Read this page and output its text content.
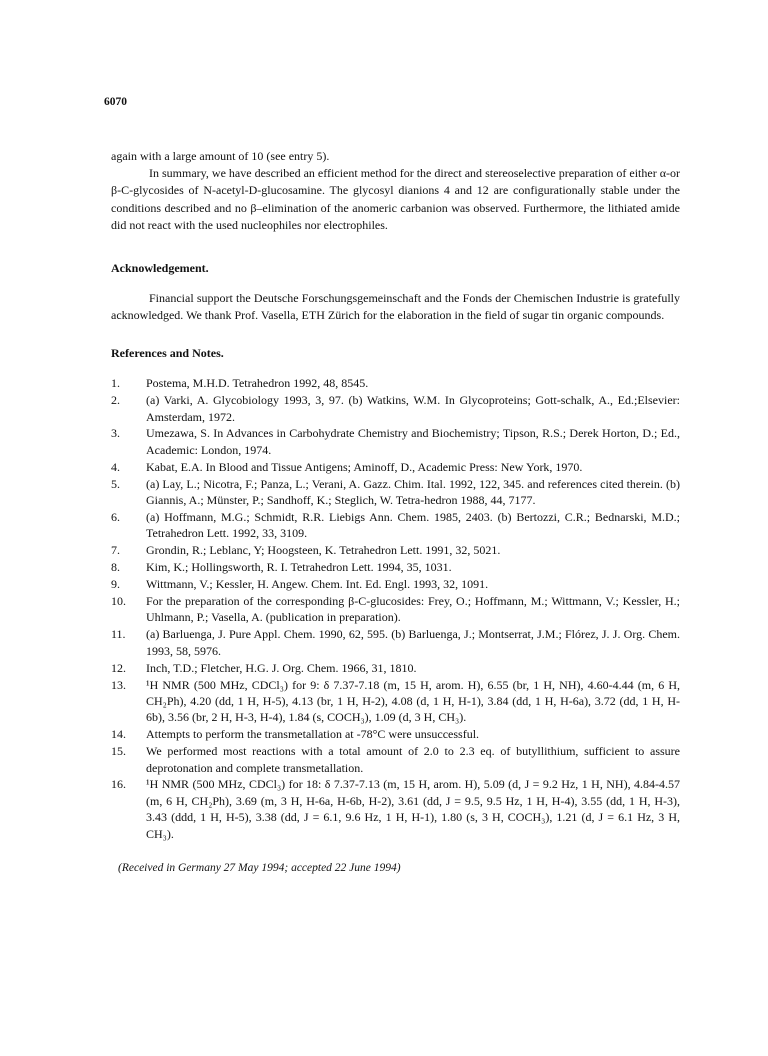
6070

again with a large amount of 10 (see entry 5).

In summary, we have described an efficient method for the direct and stereoselective preparation of either α-or β-C-glycosides of N-acetyl-D-glucosamine. The glycosyl dianions 4 and 12 are configurationally stable under the conditions described and no β–elimination of the anomeric carbanion was observed. Furthermore, the lithiated amide did not react with the used nucleophiles nor electrophiles.

Acknowledgement.

Financial support the Deutsche Forschungsgemeinschaft and the Fonds der Chemischen Industrie is gratefully acknowledged. We thank Prof. Vasella, ETH Zürich for the elaboration in the field of sugar tin organic compounds.

References and Notes.

1. Postema, M.H.D. Tetrahedron 1992, 48, 8545.
2. (a) Varki, A. Glycobiology 1993, 3, 97. (b) Watkins, W.M. In Glycoproteins; Gott-schalk, A., Ed.;Elsevier: Amsterdam, 1972.
3. Umezawa, S. In Advances in Carbohydrate Chemistry and Biochemistry; Tipson, R.S.; Derek Horton, D.; Ed., Academic: London, 1974.
4. Kabat, E.A. In Blood and Tissue Antigens; Aminoff, D., Academic Press: New York, 1970.
5. (a) Lay, L.; Nicotra, F.; Panza, L.; Verani, A. Gazz. Chim. Ital. 1992, 122, 345. and references cited therein. (b) Giannis, A.; Münster, P.; Sandhoff, K.; Steglich, W. Tetra-hedron 1988, 44, 7177.
6. (a) Hoffmann, M.G.; Schmidt, R.R. Liebigs Ann. Chem. 1985, 2403. (b) Bertozzi, C.R.; Bednarski, M.D.; Tetrahedron Lett. 1992, 33, 3109.
7. Grondin, R.; Leblanc, Y; Hoogsteen, K. Tetrahedron Lett. 1991, 32, 5021.
8. Kim, K.; Hollingsworth, R. I. Tetrahedron Lett. 1994, 35, 1031.
9. Wittmann, V.; Kessler, H. Angew. Chem. Int. Ed. Engl. 1993, 32, 1091.
10. For the preparation of the corresponding β-C-glucosides: Frey, O.; Hoffmann, M.; Wittmann, V.; Kessler, H.; Uhlmann, P.; Vasella, A. (publication in preparation).
11. (a) Barluenga, J. Pure Appl. Chem. 1990, 62, 595. (b) Barluenga, J.; Montserrat, J.M.; Flórez, J. J. Org. Chem. 1993, 58, 5976.
12. Inch, T.D.; Fletcher, H.G. J. Org. Chem. 1966, 31, 1810.
13. ¹H NMR (500 MHz, CDCl₃) for 9: δ 7.37-7.18 (m, 15 H, arom. H), 6.55 (br, 1 H, NH), 4.60-4.44 (m, 6 H, CH₂Ph), 4.20 (dd, 1 H, H-5), 4.13 (br, 1 H, H-2), 4.08 (d, 1 H, H-1), 3.84 (dd, 1 H, H-6a), 3.72 (dd, 1 H, H-6b), 3.56 (br, 2 H, H-3, H-4), 1.84 (s, COCH₃), 1.09 (d, 3 H, CH₃).
14. Attempts to perform the transmetallation at -78°C were unsuccessful.
15. We performed most reactions with a total amount of 2.0 to 2.3 eq. of butyllithium, sufficient to assure deprotonation and complete transmetallation.
16. ¹H NMR (500 MHz, CDCl₃) for 18: δ 7.37-7.13 (m, 15 H, arom. H), 5.09 (d, J = 9.2 Hz, 1 H, NH), 4.84-4.57 (m, 6 H, CH₂Ph), 3.69 (m, 3 H, H-6a, H-6b, H-2), 3.61 (dd, J = 9.5, 9.5 Hz, 1 H, H-4), 3.55 (dd, 1 H, H-3), 3.43 (ddd, 1 H, H-5), 3.38 (dd, J = 6.1, 9.6 Hz, 1 H, H-1), 1.80 (s, 3 H, COCH₃), 1.21 (d, J = 6.1 Hz, 3 H, CH₃).
(Received in Germany 27 May 1994; accepted 22 June 1994)
